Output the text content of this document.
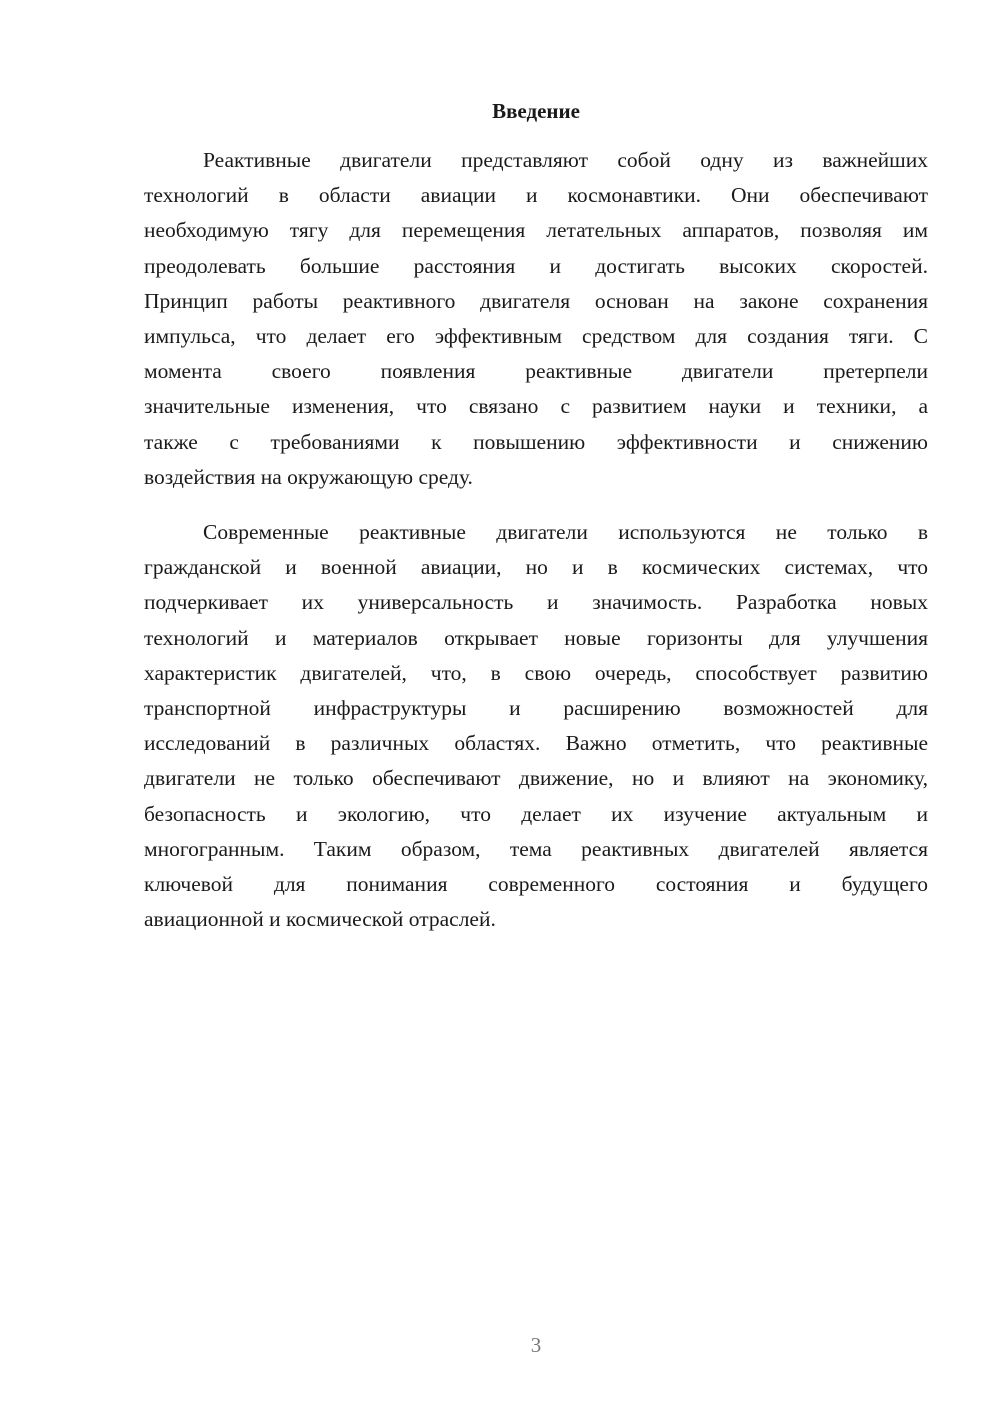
Введение
Реактивные двигатели представляют собой одну из важнейших
технологий в области авиации и космонавтики. Они обеспечивают
необходимую тягу для перемещения летательных аппаратов, позволяя им
преодолевать большие расстояния и достигать высоких скоростей.
Принцип работы реактивного двигателя основан на законе сохранения
импульса, что делает его эффективным средством для создания тяги. С
момента своего появления реактивные двигатели претерпели
значительные изменения, что связано с развитием науки и техники, а
также с требованиями к повышению эффективности и снижению
воздействия на окружающую среду.
Современные реактивные двигатели используются не только в
гражданской и военной авиации, но и в космических системах, что
подчеркивает их универсальность и значимость. Разработка новых
технологий и материалов открывает новые горизонты для улучшения
характеристик двигателей, что, в свою очередь, способствует развитию
транспортной инфраструктуры и расширению возможностей для
исследований в различных областях. Важно отметить, что реактивные
двигатели не только обеспечивают движение, но и влияют на экономику,
безопасность и экологию, что делает их изучение актуальным и
многогранным. Таким образом, тема реактивных двигателей является
ключевой для понимания современного состояния и будущего
авиационной и космической отраслей.
3
